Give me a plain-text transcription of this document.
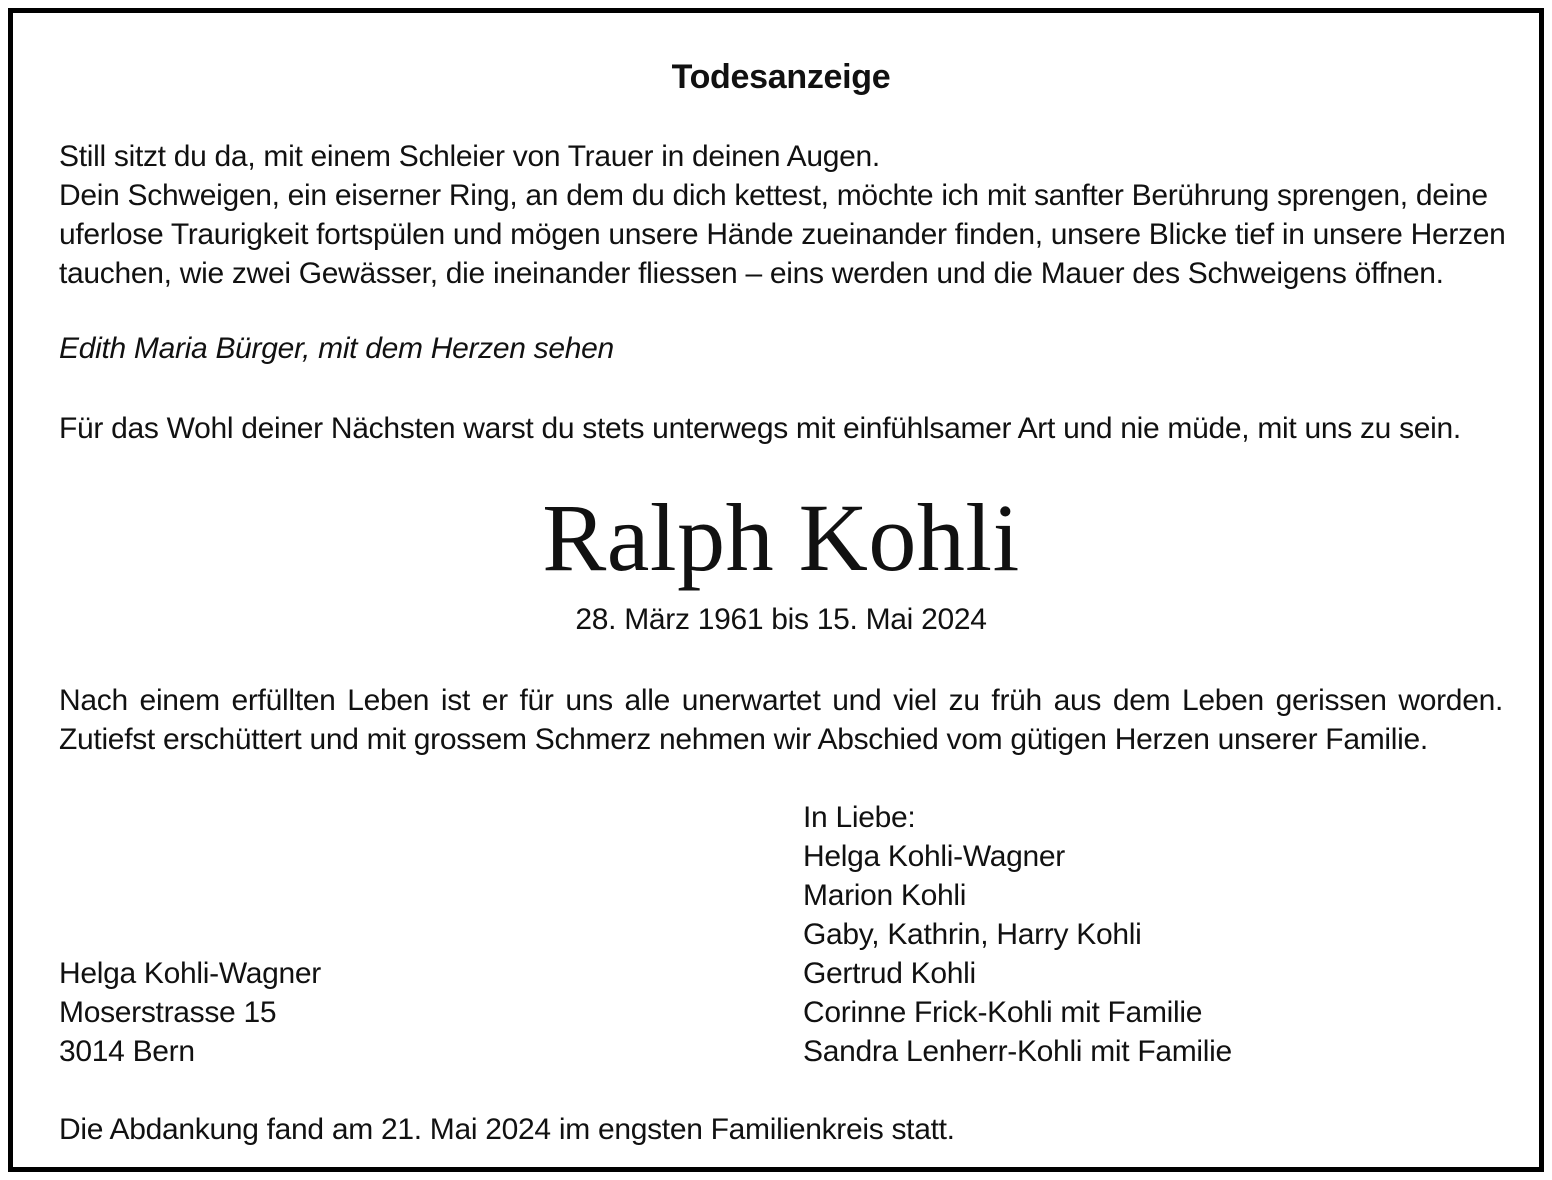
Todesanzeige
Still sitzt du da, mit einem Schleier von Trauer in deinen Augen.
Dein Schweigen, ein eiserner Ring, an dem du dich kettest, möchte ich mit sanfter Berührung sprengen, deine
uferlose Traurigkeit fortspülen und mögen unsere Hände zueinander finden, unsere Blicke tief in unsere Herzen
tauchen, wie zwei Gewässer, die ineinander fliessen – eins werden und die Mauer des Schweigens öffnen.
Edith Maria Bürger, mit dem Herzen sehen
Für das Wohl deiner Nächsten warst du stets unterwegs mit einfühlsamer Art und nie müde, mit uns zu sein.
Ralph Kohli
28. März 1961 bis 15. Mai 2024
Nach einem erfüllten Leben ist er für uns alle unerwartet und viel zu früh aus dem Leben gerissen worden.
Zutiefst erschüttert und mit grossem Schmerz nehmen wir Abschied vom gütigen Herzen unserer Familie.
In Liebe:
Helga Kohli-Wagner
Marion Kohli
Gaby, Kathrin, Harry Kohli
Gertrud Kohli
Corinne Frick-Kohli mit Familie
Sandra Lenherr-Kohli mit Familie
Helga Kohli-Wagner
Moserstrasse 15
3014 Bern
Die Abdankung fand am 21. Mai 2024 im engsten Familienkreis statt.
